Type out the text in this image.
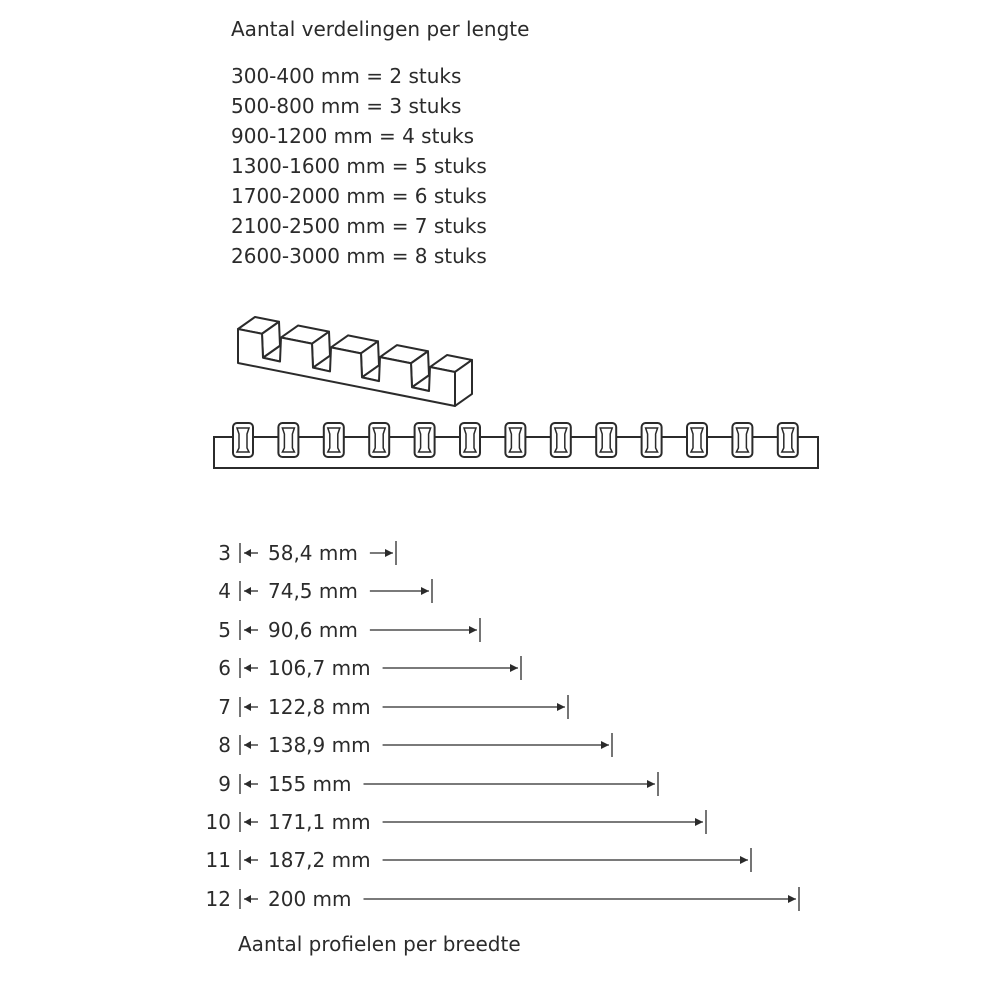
Aantal verdelingen per lengte
300-400 mm = 2 stuks
500-800 mm = 3 stuks
900-1200 mm = 4 stuks
1300-1600 mm = 5 stuks
1700-2000 mm = 6 stuks
2100-2500 mm = 7 stuks
2600-3000 mm = 8 stuks
3 58,4 mm
4 74,5 mm
5 90,6 mm
6 106,7 mm
7 122,8 mm
8 138,9 mm
9 155 mm
10 171,1 mm
11 187,2 mm
12 200 mm
Aantal profielen per breedte
